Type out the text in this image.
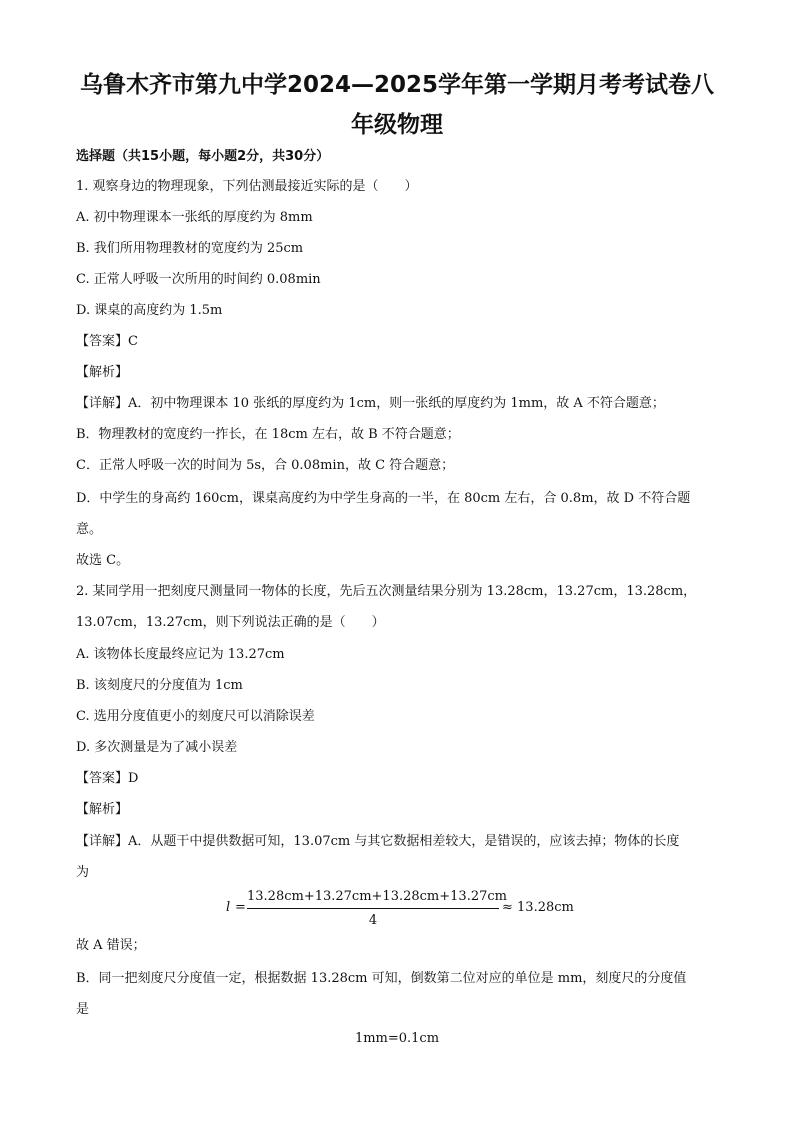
乌鲁木齐市第九中学2024—2025学年第一学期月考考试卷八
年级物理
选择题（共15小题，每小题2分，共30分）
1. 观察身边的物理现象，下列估测最接近实际的是（　　）
A. 初中物理课本一张纸的厚度约为 8mm
B. 我们所用物理教材的宽度约为 25cm
C. 正常人呼吸一次所用的时间约 0.08min
D. 课桌的高度约为 1.5m
【答案】C
【解析】
【详解】A．初中物理课本 10 张纸的厚度约为 1cm，则一张纸的厚度约为 1mm，故 A 不符合题意；
B．物理教材的宽度约一拃长，在 18cm 左右，故 B 不符合题意；
C．正常人呼吸一次的时间为 5s，合 0.08min，故 C 符合题意；
D．中学生的身高约 160cm，课桌高度约为中学生身高的一半，在 80cm 左右，合 0.8m，故 D 不符合题
意。
故选 C。
2. 某同学用一把刻度尺测量同一物体的长度，先后五次测量结果分别为 13.28cm，13.27cm，13.28cm，
13.07cm，13.27cm，则下列说法正确的是（　　）
A. 该物体长度最终应记为 13.27cm
B. 该刻度尺的分度值为 1cm
C. 选用分度值更小的刻度尺可以消除误差
D. 多次测量是为了减小误差
【答案】D
【解析】
【详解】A．从题干中提供数据可知，13.07cm 与其它数据相差较大，是错误的，应该去掉；物体的长度
为
l =
13.28cm+13.27cm+13.28cm+13.27cm
4
≈ 13.28cm
故 A 错误；
B．同一把刻度尺分度值一定，根据数据 13.28cm 可知，倒数第二位对应的单位是 mm，刻度尺的分度值
是
1mm=0.1cm
